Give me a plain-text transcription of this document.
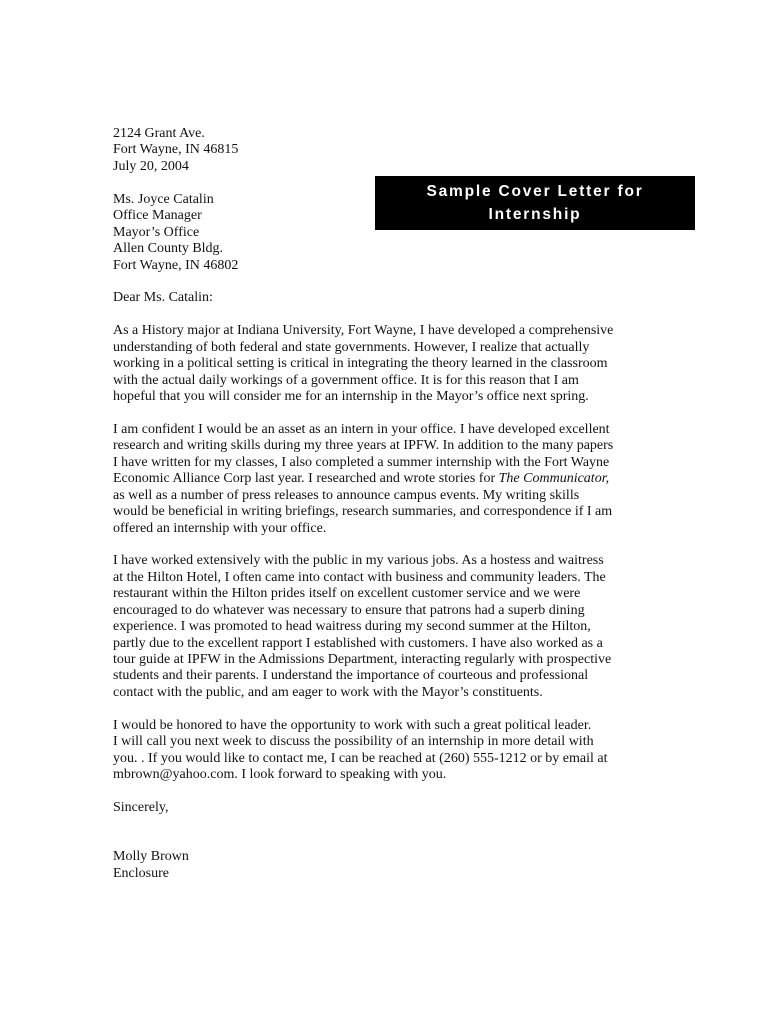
Sample Cover Letter for
Internship
2124 Grant Ave.
Fort Wayne, IN 46815
July 20, 2004
Ms. Joyce Catalin
Office Manager
Mayor’s Office
Allen County Bldg.
Fort Wayne, IN 46802
Dear Ms. Catalin:
As a History major at Indiana University, Fort Wayne, I have developed a comprehensive
understanding of both federal and state governments. However, I realize that actually
working in a political setting is critical in integrating the theory learned in the classroom
with the actual daily workings of a government office. It is for this reason that I am
hopeful that you will consider me for an internship in the Mayor’s office next spring.
I am confident I would be an asset as an intern in your office. I have developed excellent
research and writing skills during my three years at IPFW. In addition to the many papers
I have written for my classes, I also completed a summer internship with the Fort Wayne
Economic Alliance Corp last year. I researched and wrote stories for The Communicator,
as well as a number of press releases to announce campus events. My writing skills
would be beneficial in writing briefings, research summaries, and correspondence if I am
offered an internship with your office.
I have worked extensively with the public in my various jobs. As a hostess and waitress
at the Hilton Hotel, I often came into contact with business and community leaders. The
restaurant within the Hilton prides itself on excellent customer service and we were
encouraged to do whatever was necessary to ensure that patrons had a superb dining
experience. I was promoted to head waitress during my second summer at the Hilton,
partly due to the excellent rapport I established with customers. I have also worked as a
tour guide at IPFW in the Admissions Department, interacting regularly with prospective
students and their parents. I understand the importance of courteous and professional
contact with the public, and am eager to work with the Mayor’s constituents.
I would be honored to have the opportunity to work with such a great political leader.
I will call you next week to discuss the possibility of an internship in more detail with
you. . If you would like to contact me, I can be reached at (260) 555-1212 or by email at
mbrown@yahoo.com. I look forward to speaking with you.
Sincerely,
Molly Brown
Enclosure
